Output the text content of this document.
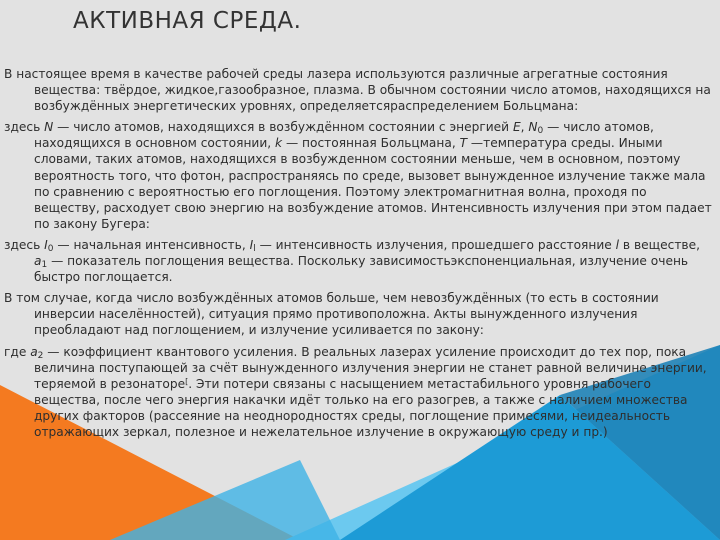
АКТИВНАЯ СРЕДА.

В настоящее время в качестве рабочей среды лазера используются различные агрегатные состояния вещества: твёрдое, жидкое,газообразное, плазма. В обычном состоянии число атомов, находящихся на возбуждённых энергетических уровнях, определяетсяраспределением Больцмана:

здесь N — число атомов, находящихся в возбуждённом состоянии с энергией E, $N_0$ — число атомов, находящихся в основном состоянии, k — постоянная Больцмана, T —температура среды. Иными словами, таких атомов, находящихся в возбужденном состоянии меньше, чем в основном, поэтому вероятность того, что фотон, распространяясь по среде, вызовет вынужденное излучение также мала по сравнению с вероятностью его поглощения. Поэтому электромагнитная волна, проходя по веществу, расходует свою энергию на возбуждение атомов. Интенсивность излучения при этом падает по закону Бугера:

здесь $I_0$ — начальная интенсивность, $I_l$ — интенсивность излучения, прошедшего расстояние l в веществе, $a_1$ — показатель поглощения вещества. Поскольку зависимостьэкспоненциальная, излучение очень быстро поглощается.

В том случае, когда число возбуждённых атомов больше, чем невозбуждённых (то есть в состоянии инверсии населённостей), ситуация прямо противоположна. Акты вынужденного излучения преобладают над поглощением, и излучение усиливается по закону:

где $a_2$ — коэффициент квантового усиления. В реальных лазерах усиление происходит до тех пор, пока величина поступающей за счёт вынужденного излучения энергии не станет равной величине энергии, теряемой в резонаторе[. Эти потери связаны с насыщением метастабильного уровня рабочего вещества, после чего энергия накачки идёт только на его разогрев, а также с наличием множества других факторов (рассеяние на неоднородностях среды, поглощение примесями, неидеальность отражающих зеркал, полезное и нежелательное излучение в окружающую среду и пр.)
